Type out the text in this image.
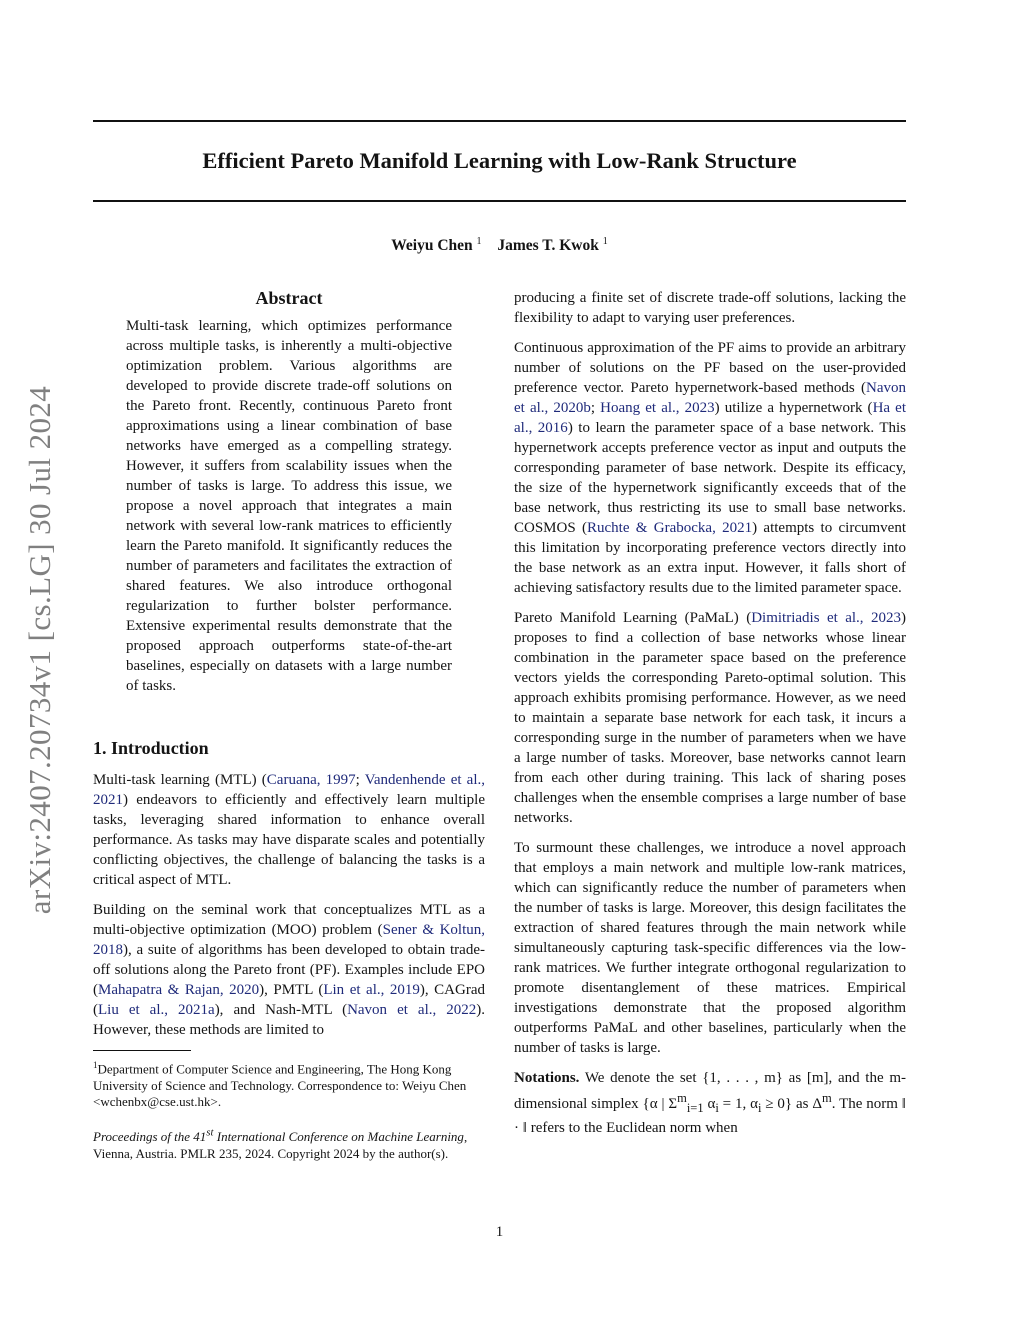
Efficient Pareto Manifold Learning with Low-Rank Structure
Weiyu Chen $^1$ James T. Kwok $^1$
arXiv:2407.20734v1 [cs.LG] 30 Jul 2024
Abstract

Multi-task learning, which optimizes performance across multiple tasks, is inherently a multi-objective optimization problem. Various algorithms are developed to provide discrete trade-off solutions on the Pareto front. Recently, continuous Pareto front approximations using a linear combination of base networks have emerged as a compelling strategy. However, it suffers from scalability issues when the number of tasks is large. To address this issue, we propose a novel approach that integrates a main network with several low-rank matrices to efficiently learn the Pareto manifold. It significantly reduces the number of parameters and facilitates the extraction of shared features. We also introduce orthogonal regularization to further bolster performance. Extensive experimental results demonstrate that the proposed approach outperforms state-of-the-art baselines, especially on datasets with a large number of tasks.

1. Introduction

Multi-task learning (MTL) (Caruana, 1997; Vandenhende et al., 2021) endeavors to efficiently and effectively learn multiple tasks, leveraging shared information to enhance overall performance. As tasks may have disparate scales and potentially conflicting objectives, the challenge of balancing the tasks is a critical aspect of MTL.

Building on the seminal work that conceptualizes MTL as a multi-objective optimization (MOO) problem (Sener & Koltun, 2018), a suite of algorithms has been developed to obtain trade-off solutions along the Pareto front (PF). Examples include EPO (Mahapatra & Rajan, 2020), PMTL (Lin et al., 2019), CAGrad (Liu et al., 2021a), and Nash-MTL (Navon et al., 2022). However, these methods are limited to

$^1$Department of Computer Science and Engineering, The Hong Kong University of Science and Technology. Correspondence to: Weiyu Chen <wchenbx@cse.ust.hk>.

Proceedings of the 41st International Conference on Machine Learning, Vienna, Austria. PMLR 235, 2024. Copyright 2024 by the author(s).

producing a finite set of discrete trade-off solutions, lacking the flexibility to adapt to varying user preferences.

Continuous approximation of the PF aims to provide an arbitrary number of solutions on the PF based on the user-provided preference vector. Pareto hypernetwork-based methods (Navon et al., 2020b; Hoang et al., 2023) utilize a hypernetwork (Ha et al., 2016) to learn the parameter space of a base network. This hypernetwork accepts preference vector as input and outputs the corresponding parameter of base network. Despite its efficacy, the size of the hypernetwork significantly exceeds that of the base network, thus restricting its use to small base networks. COSMOS (Ruchte & Grabocka, 2021) attempts to circumvent this limitation by incorporating preference vectors directly into the base network as an extra input. However, it falls short of achieving satisfactory results due to the limited parameter space.

Pareto Manifold Learning (PaMaL) (Dimitriadis et al., 2023) proposes to find a collection of base networks whose linear combination in the parameter space based on the preference vectors yields the corresponding Pareto-optimal solution. This approach exhibits promising performance. However, as we need to maintain a separate base network for each task, it incurs a corresponding surge in the number of parameters when we have a large number of tasks. Moreover, base networks cannot learn from each other during training. This lack of sharing poses challenges when the ensemble comprises a large number of base networks.

To surmount these challenges, we introduce a novel approach that employs a main network and multiple low-rank matrices, which can significantly reduce the number of parameters when the number of tasks is large. Moreover, this design facilitates the extraction of shared features through the main network while simultaneously capturing task-specific differences via the low-rank matrices. We further integrate orthogonal regularization to promote disentanglement of these matrices. Empirical investigations demonstrate that the proposed algorithm outperforms PaMaL and other baselines, particularly when the number of tasks is large.

Notations. We denote the set {1, . . . , m} as [m], and the m-dimensional simplex {α | $\Sigma^m_{i=1}$ $\alpha_i = 1$, $\alpha_i \ge 0$} as $\Delta^m$. The norm ‖ · ‖ refers to the Euclidean norm when

1
